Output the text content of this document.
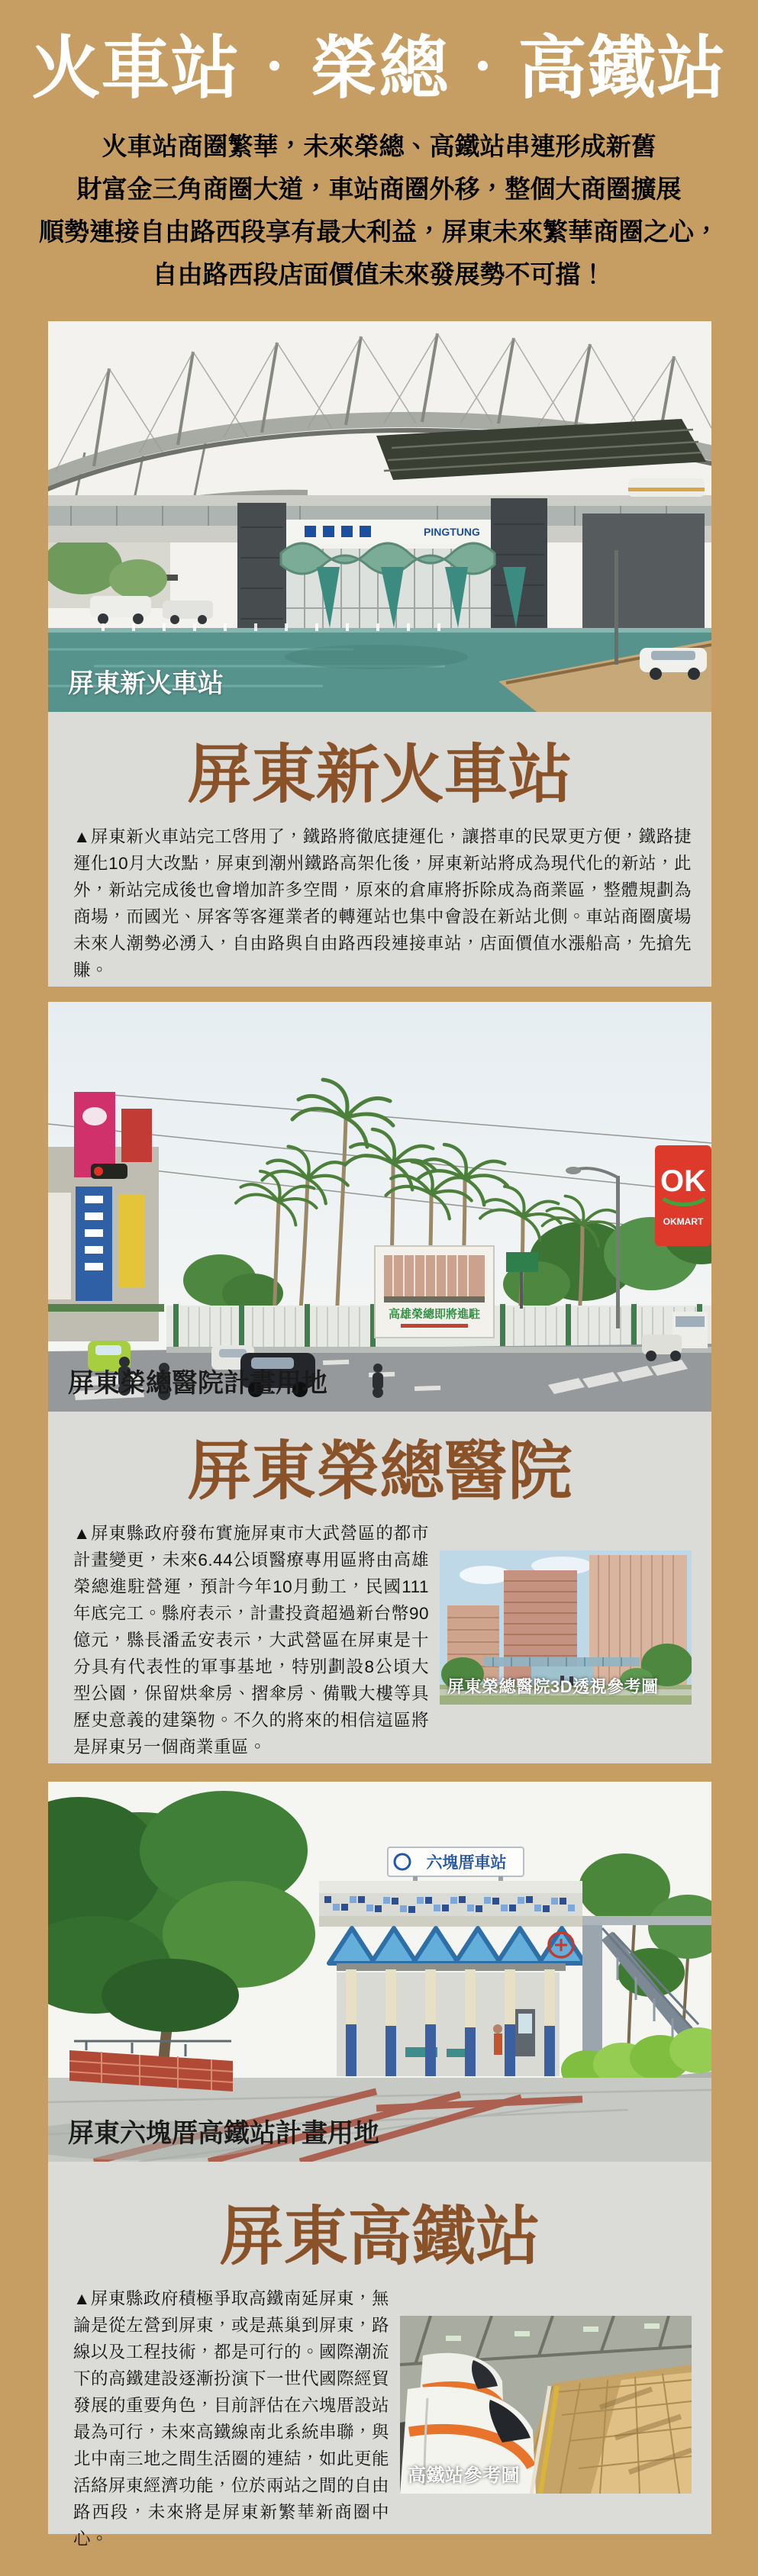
火車站．榮總．高鐵站
火車站商圈繁華，未來榮總、高鐵站串連形成新舊
財富金三角商圈大道，車站商圈外移，整個大商圈擴展
順勢連接自由路西段享有最大利益，屏東未來繁華商圈之心，
自由路西段店面價值未來發展勢不可擋！
PINGTUNG
屏東新火車站
屏東新火車站

▲屏東新火車站完工啓用了，鐵路將徹底捷運化，讓搭車的民眾更方便，鐵路捷運化10月大改點，屏東到潮州鐵路高架化後，屏東新站將成為現代化的新站，此外，新站完成後也會增加許多空間，原來的倉庫將拆除成為商業區，整體規劃為商場，而國光、屏客等客運業者的轉運站也集中會設在新站北側。車站商圈廣場未來人潮勢必湧入，自由路與自由路西段連接車站，店面價值水漲船高，先搶先賺。

高雄榮總即將進駐
OK
OKMART
屏東榮總醫院計畫用地
屏東榮總醫院

屏東榮總醫院3D透視參考圖
▲屏東縣政府發布實施屏東市大武營區的都市計畫變更，未來6.44公頃醫療專用區將由高雄榮總進駐營運，預計今年10月動工，民國111年底完工。縣府表示，計畫投資超過新台幣90億元，縣長潘孟安表示，大武營區在屏東是十分具有代表性的軍事基地，特別劃設8公頃大型公園，保留烘傘房、摺傘房、備戰大樓等具歷史意義的建築物。不久的將來的相信這區將是屏東另一個商業重區。

六塊厝車站
屏東六塊厝高鐵站計畫用地
屏東高鐵站

高鐵站參考圖
▲屏東縣政府積極爭取高鐵南延屏東，無論是從左營到屏東，或是燕巢到屏東，路線以及工程技術，都是可行的。國際潮流下的高鐵建設逐漸扮演下一世代國際經貿發展的重要角色，目前評估在六塊厝設站最為可行，未來高鐵線南北系統串聯，與北中南三地之間生活圈的連結，如此更能活絡屏東經濟功能，位於兩站之間的自由路西段，未來將是屏東新繁華新商圈中心。
